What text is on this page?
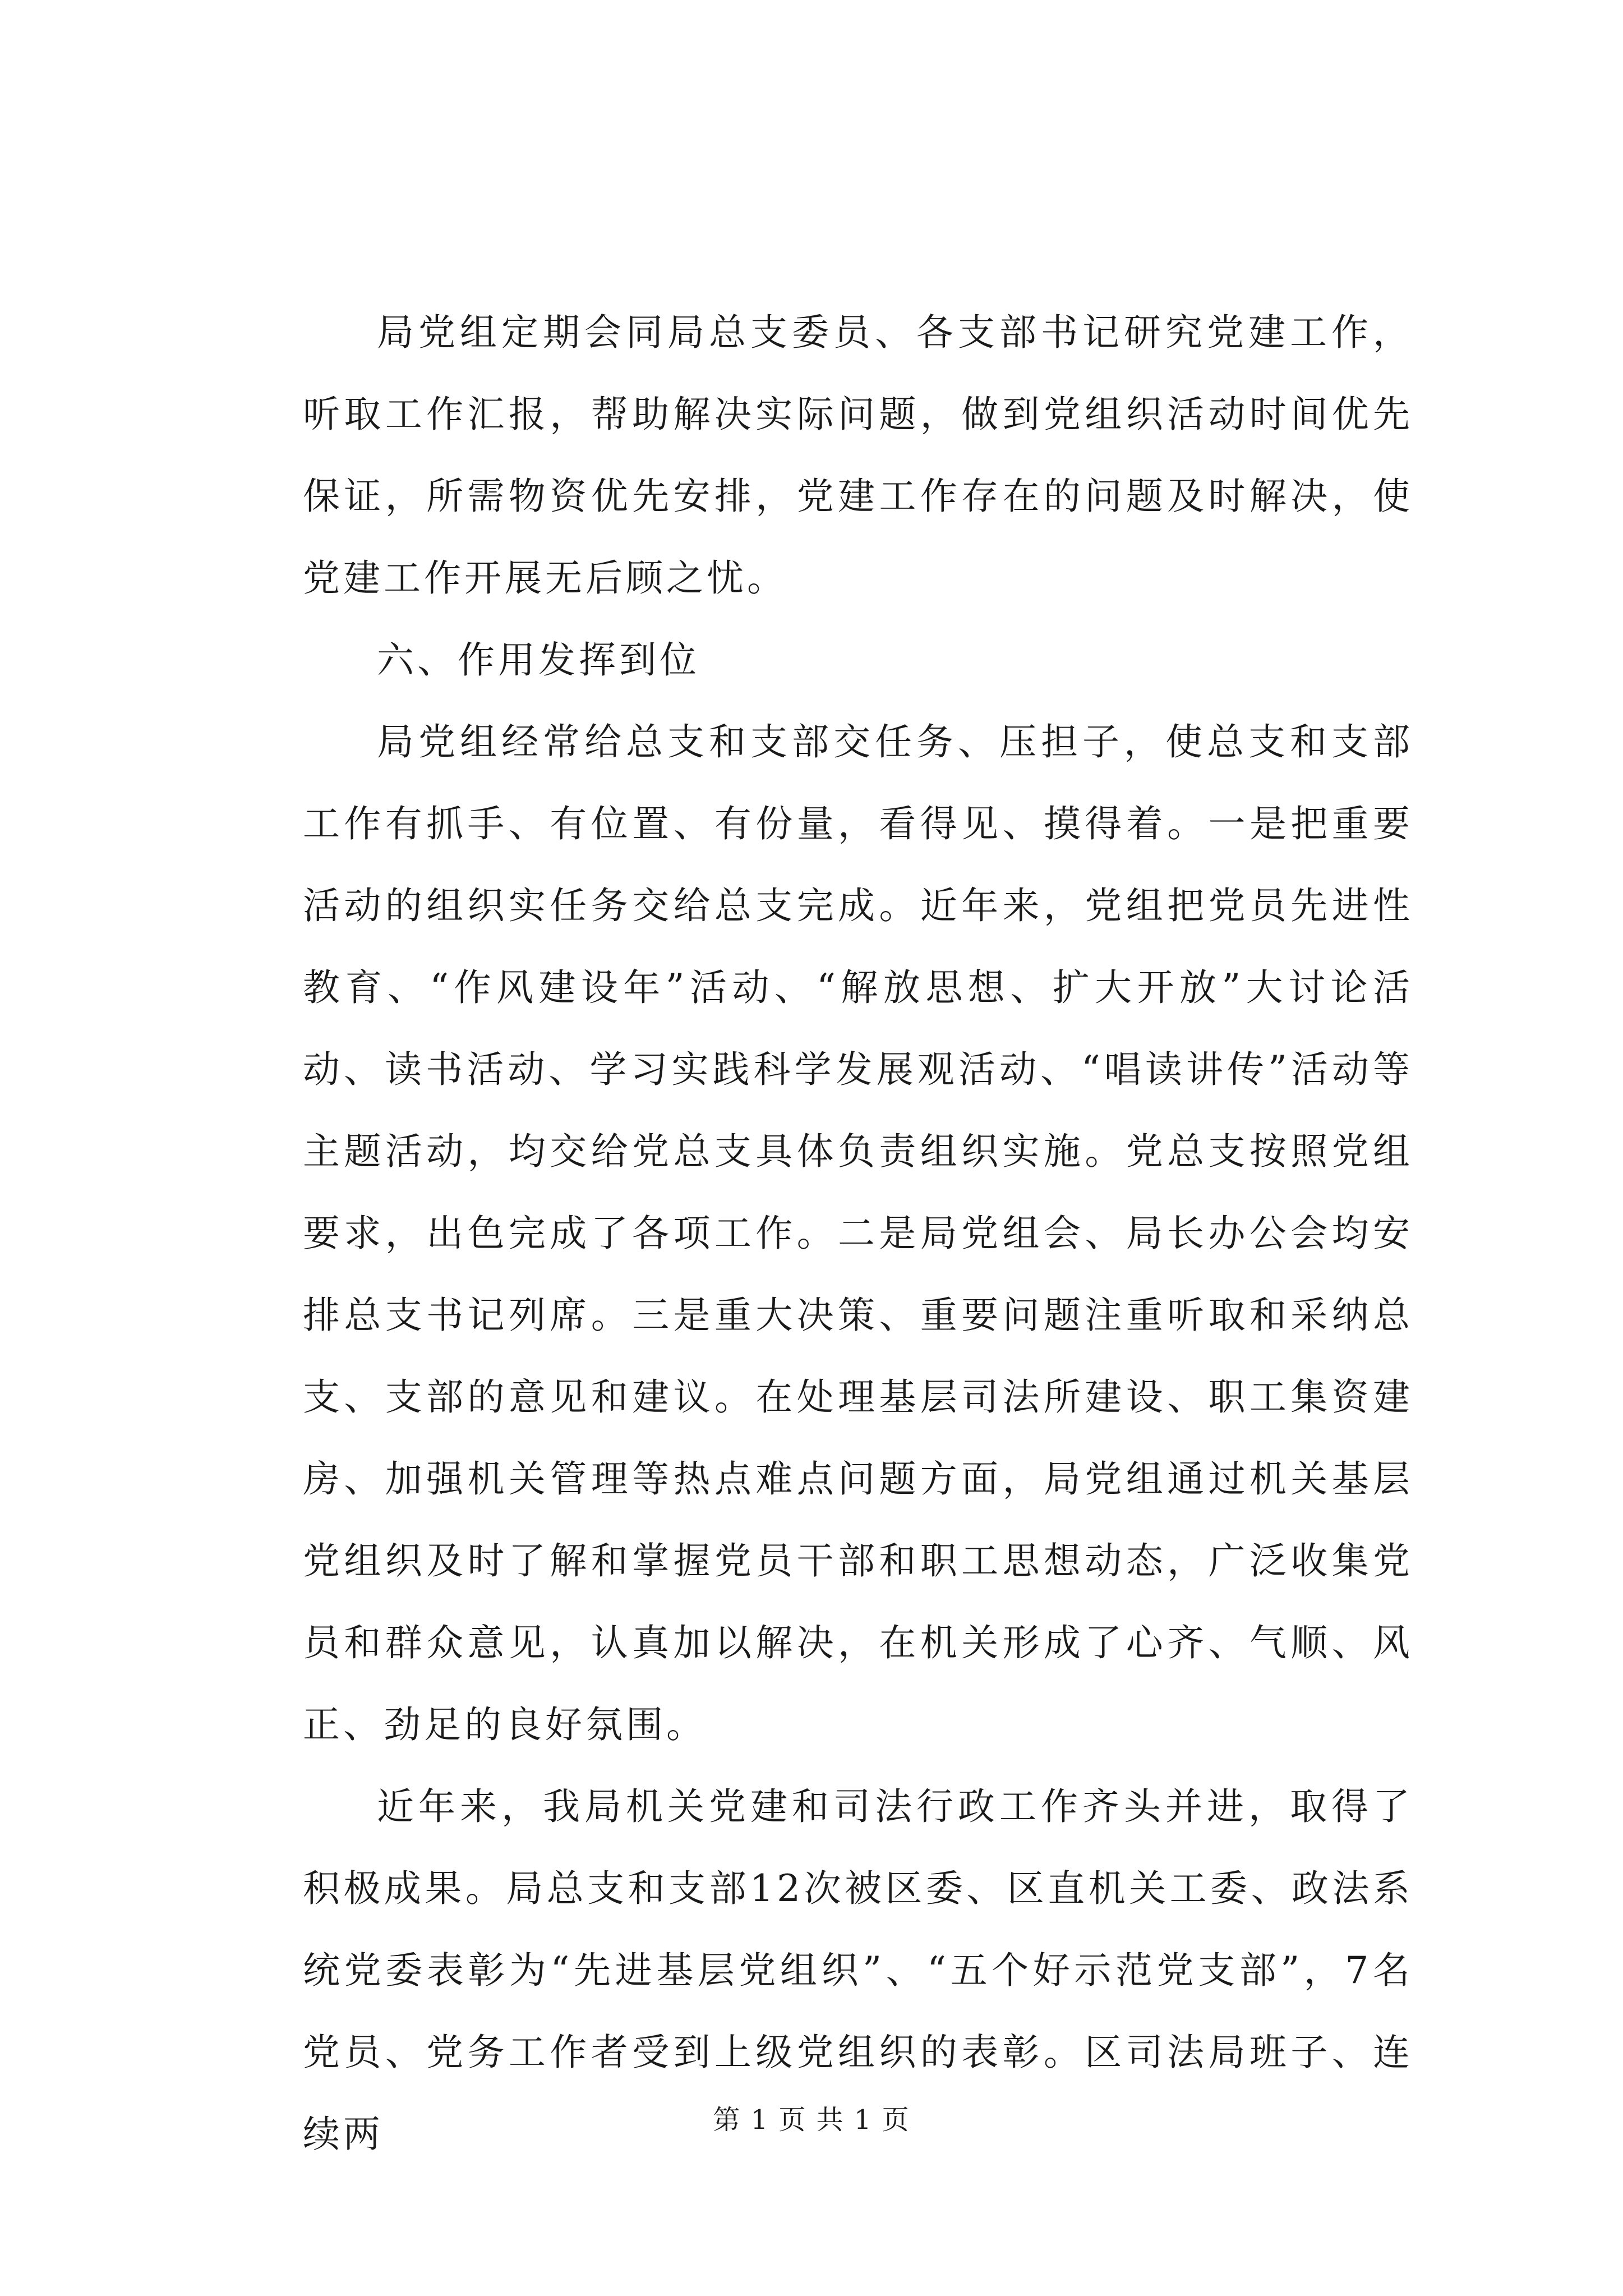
局党组定期会同局总支委员、各支部书记研究党建工作，听取工作汇报，帮助解决实际问题，做到党组织活动时间优先保证，所需物资优先安排，党建工作存在的问题及时解决，使党建工作开展无后顾之忧。

六、作用发挥到位

局党组经常给总支和支部交任务、压担子，使总支和支部工作有抓手、有位置、有份量，看得见、摸得着。一是把重要活动的组织实任务交给总支完成。近年来，党组把党员先进性教育、“作风建设年”活动、“解放思想、扩大开放”大讨论活动、读书活动、学习实践科学发展观活动、“唱读讲传”活动等主题活动，均交给党总支具体负责组织实施。党总支按照党组要求，出色完成了各项工作。二是局党组会、局长办公会均安排总支书记列席。三是重大决策、重要问题注重听取和采纳总支、支部的意见和建议。在处理基层司法所建设、职工集资建房、加强机关管理等热点难点问题方面，局党组通过机关基层党组织及时了解和掌握党员干部和职工思想动态，广泛收集党员和群众意见，认真加以解决，在机关形成了心齐、气顺、风正、劲足的良好氛围。

近年来，我局机关党建和司法行政工作齐头并进，取得了积极成果。局总支和支部12次被区委、区直机关工委、政法系统党委表彰为“先进基层党组织”、“五个好示范党支部”，7名党员、党务工作者受到上级党组织的表彰。区司法局班子、连续两	第 1 页 共 1 页
